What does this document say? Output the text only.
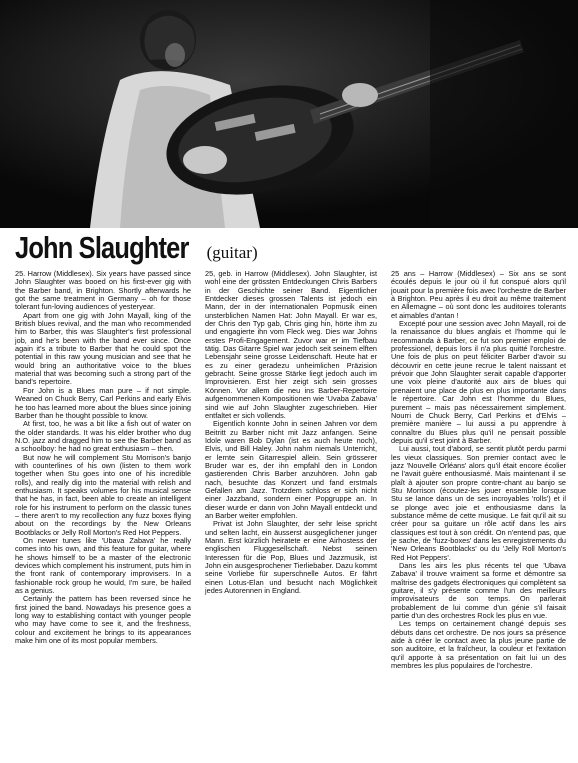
John Slaughter (guitar)

25. Harrow (Middlesex). Six years have passed since John Slaughter was booed on his first-ever gig with the Barber band, in Brighton. Shortly afterwards he got the same treatment in Germany – oh for those tolerant fun-loving audiences of yesteryear.

Apart from one gig with John Mayall, king of the British blues revival, and the man who recommended him to Barber, this was Slaughter's first professional job, and he's been with the band ever since. Once again it's a tribute to Barber that he could spot the potential in this raw young musician and see that he would bring an authoritative voice to the blues material that was becoming such a strong part of the band's repertoire.

For John is a Blues man pure – if not simple. Weaned on Chuck Berry, Carl Perkins and early Elvis he too has learned more about the blues since joining Barber than he thought possible to know.

At first, too, he was a bit like a fish out of water on the older standards. It was his elder brother who dug N.O. jazz and dragged him to see the Barber band as a schoolboy: he had no great enthusiasm – then.

But now he will complement Stu Morrison's banjo with counterlines of his own (listen to them work together when Stu goes into one of his incredible rolls), and really dig into the material with relish and enthusiasm. It speaks volumes for his musical sense that he has, in fact, been able to create an intelligent role for his instrument to perform on the classic tunes – there aren't to my recollection any fuzz boxes flying about on the recordings by the New Orleans Bootblacks or Jelly Roll Morton's Red Hot Peppers.

On newer tunes like 'Ubava Zabava' he really comes into his own, and this feature for guitar, where he shows himself to be a master of the electronic devices which complement his instrument, puts him in the front rank of contemporary improvisers. In a fashionable rock group he would, I'm sure, be hailed as a genius.

Certainly the pattern has been reversed since he first joined the band. Nowadays his presence goes a long way to establishing contact with younger people who may have come to see it, and the freshness, colour and excitement he brings to its appearances make him one of its most popular members.

25, geb. in Harrow (Middlesex). John Slaughter, ist wohl eine der grössten Entdeckungen Chris Barbers in der Geschichte seiner Band. Eigentlicher Entdecker dieses grossen Talents ist jedoch ein Mann, der in der internationalen Popmusik einen unsterblichen Namen Hat: John Mayall. Er war es, der Chris den Typ gab, Chris ging hin, hörte ihm zu und engagierte ihn vom Fleck weg. Dies war Johns erstes Profi-Engagement. Zuvor war er im Tiefbau tätig. Das Gitarre Spiel war jedoch seit seinem elften Lebensjahr seine grosse Leidenschaft. Heute hat er es zu einer geradezu unheimlichen Präzision gebracht. Seine grosse Stärke liegt jedoch auch im Improvisieren. Erst hier zeigt sich sein grosses Können. Vor allem die neu ins Barber-Repertoire aufgenommenen Kompositionen wie 'Uvaba Zabava' sind wie auf John Slaughter zugeschrieben. Hier entfaltet er sich vollends.

Eigentlich konnte John in seinen Jahren vor dem Beitritt zu Barber nicht mit Jazz anfangen. Seine Idole waren Bob Dylan (ist es auch heute noch), Elvis, und Bill Haley. John nahm niemals Unterricht, er lernte sein Gitarrespiel allein. Sein grösserer Bruder war es, der ihn empfahl den in London gastierenden Chris Barber anzuhören. John gab nach, besuchte das Konzert und fand erstmals Gefallen am Jazz. Trotzdem schloss er sich nicht einer Jazzband, sondern einer Popgruppe an. In dieser wurde er dann von John Mayall entdeckt und an Barber weiter empfohlen.

Privat ist John Slaughter, der sehr leise spricht und selten lacht, ein äusserst ausgeglichener junger Mann. Erst kürzlich heiratete er eine Airhostess der englischen Fluggesellschaft. Nebst seinen Interessen für die Pop, Blues und Jazzmusik, ist John ein ausgesprochener Tierliebaber. Dazu kommt seine Vorliebe für superschnelle Autos. Er fährt einen Lotus-Elan und besucht nach Möglichkeit jedes Autorennen in England.

25 ans – Harrow (Middlesex) – Six ans se sont écoulés depuis le jour où il fut conspué alors qu'il jouait pour la première fois avec l'orchestre de Barber à Brighton. Peu après il eu droit au même traitement en Allemagne – où sont donc les auditoires tolerants et aimables d'antan !

Excepté pour une session avec John Mayall, roi de la renaissance du blues anglais et l'homme qui le recommanda à Barber, ce fut son premier emploi de professionel, depuis lors il n'a plus quitté l'orchestre. Une fois de plus on peut féliciter Barber d'avoir su découvrir en cette jeune recrue le talent naissant et prévoir que John Slaughter serait capable d'apporter une voix pleine d'autorité aux airs de blues qui prenaient une place de plus en plus importante dans le répertoire. Car John est l'homme du Blues, purement – mais pas nécessairement simplement. Nourri de Chuck Berry, Carl Perkins et d'Elvis – première manière – lui aussi a pu apprendre à connaître du Blues plus qu'il ne pensait possible depuis qu'il s'est joint à Barber.

Lui aussi, tout d'abord, se sentit plutôt perdu parmi les vieux classiques. Son premier contact avec le jazz 'Nouvelle Orléans' alors qu'il était encore écolier ne l'avait guère enthousiasmé. Mais maintenant il se plaît à ajouter son propre contre-chant au banjo se Stu Morrison (écoutez-les jouer ensemble lorsque Stu se lance dans un de ses incroyables 'rolls') et il se plonge avec joie et enthousiasme dans la substance même de cette musique. Le fait qu'il ait su créer pour sa guitare un rôle actif dans les airs classiques est tout à son crédit. On n'entend pas, que je sache, de 'fuzz-boxes' dans les enregistrements du 'New Orleans Bootblacks' ou du 'Jelly Roll Morton's Red Hot Peppers'.

Dans les airs les plus récents tel que 'Ubava Zabava' il trouve vraiment sa forme et démontre sa maîtrise des gadgets électroniques qui complètent sa guitare, il s'y présente comme l'un des meilleurs improvisateurs de son temps. On parlerait probablement de lui comme d'un génie s'il faisait partie d'un des orchestres Rock les plus en vue.

Les temps on certainement changé depuis ses débuts dans cet orchestre. De nos jours sa présence aide à créer le contact avec la plus jeune partie de son auditoire, et la fraîcheur, la couleur et l'exitation qu'il apporte à sa présentation on fait lui un des membres les plus populaires de l'orchestre.
